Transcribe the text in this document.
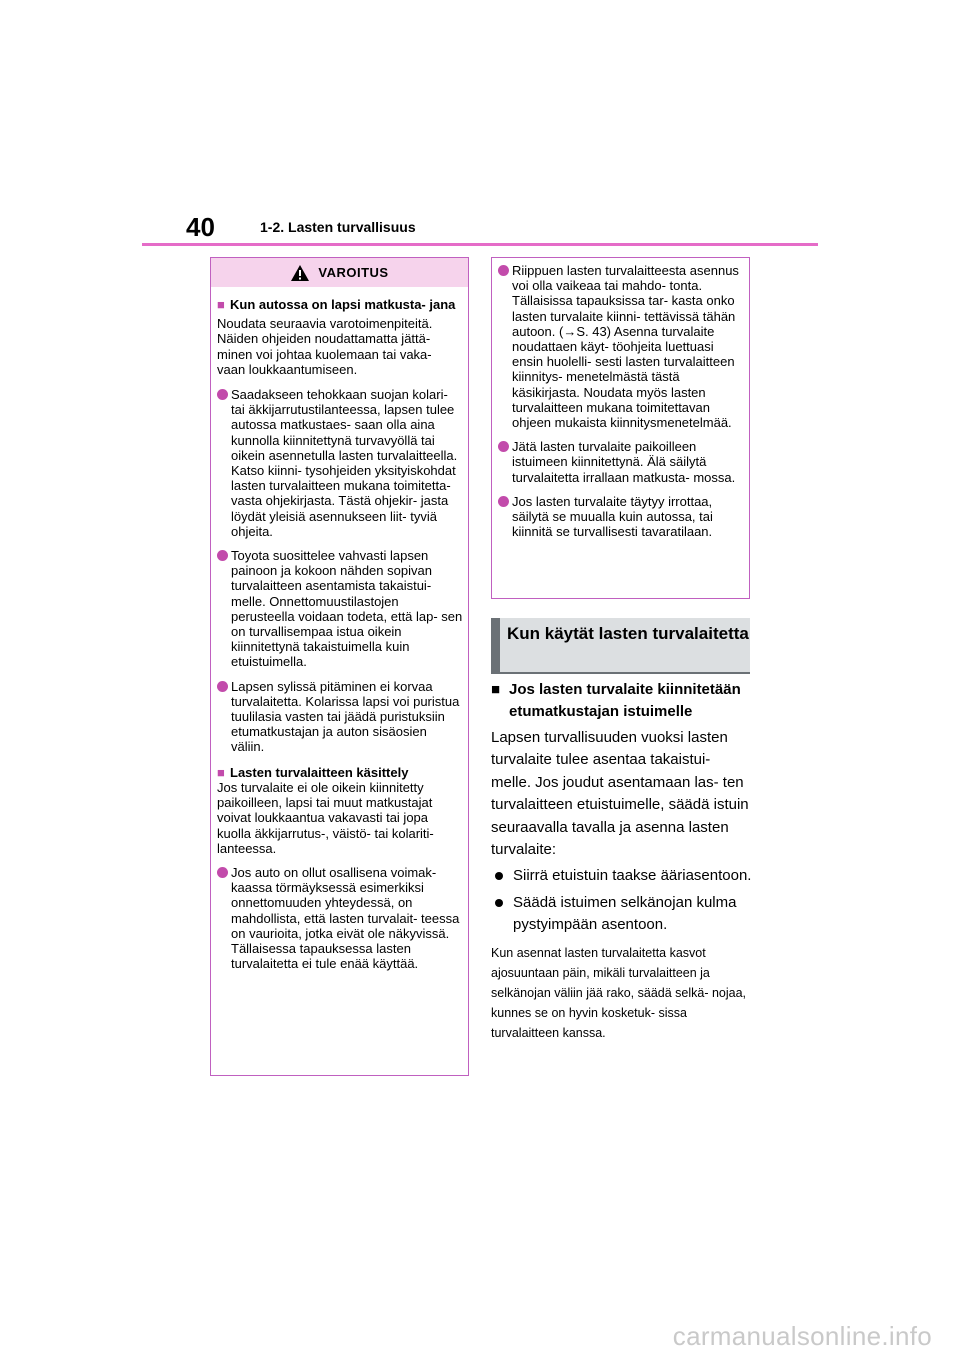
40	1-2. Lasten turvallisuus
VAROITUS
■ Kun autossa on lapsi matkusta- jana
Noudata seuraavia varotoimenpiteitä. Näiden ohjeiden noudattamatta jättä- minen voi johtaa kuolemaan tai vaka- vaan loukkaantumiseen.
Saadakseen tehokkaan suojan kolari- tai äkkijarrutustilanteessa, lapsen tulee autossa matkustaes- saan olla aina kunnolla kiinnitettynä turvavyöllä tai oikein asennetulla lasten turvalaitteella. Katso kiinni- tysohjeiden yksityiskohdat lasten turvalaitteen mukana toimitetta- vasta ohjekirjasta. Tästä ohjekir- jasta löydät yleisiä asennukseen liit- tyviä ohjeita.
Toyota suosittelee vahvasti lapsen painoon ja kokoon nähden sopivan turvalaitteen asentamista takaistui- melle. Onnettomuustilastojen perusteella voidaan todeta, että lap- sen on turvallisempaa istua oikein kiinnitettynä takaistuimella kuin etuistuimella.
Lapsen sylissä pitäminen ei korvaa turvalaitetta. Kolarissa lapsi voi puristua tuulilasia vasten tai jäädä puristuksiin etumatkustajan ja auton sisäosien väliin.
■ Lasten turvalaitteen käsittely
Jos turvalaite ei ole oikein kiinnitetty paikoilleen, lapsi tai muut matkustajat voivat loukkaantua vakavasti tai jopa kuolla äkkijarrutus-, väistö- tai kolariti- lanteessa.
Jos auto on ollut osallisena voimak- kaassa törmäyksessä esimerkiksi onnettomuuden yhteydessä, on mahdollista, että lasten turvalait- teessa on vaurioita, jotka eivät ole näkyvissä. Tällaisessa tapauksessa lasten turvalaitetta ei tule enää käyttää.
Riippuen lasten turvalaitteesta asennus voi olla vaikeaa tai mahdo- tonta. Tällaisissa tapauksissa tar- kasta onko lasten turvalaite kiinni- tettävissä tähän autoon. (→S. 43) Asenna turvalaite noudattaen käyt- töohjeita luettuasi ensin huolelli- sesti lasten turvalaitteen kiinnitys- menetelmästä tästä käsikirjasta. Noudata myös lasten turvalaitteen mukana toimitettavan ohjeen mukaista kiinnitysmenetelmää.
Jätä lasten turvalaite paikoilleen istuimeen kiinnitettynä. Älä säilytä turvalaitetta irrallaan matkusta- mossa.
Jos lasten turvalaite täytyy irrottaa, säilytä se muualla kuin autossa, tai kiinnitä se turvallisesti tavaratilaan.
Kun käytät lasten turvalaitetta
■ Jos lasten turvalaite kiinnitetään etumatkustajan istuimelle
Lapsen turvallisuuden vuoksi lasten turvalaite tulee asentaa takaistui- melle. Jos joudut asentamaan las- ten turvalaitteen etuistuimelle, säädä istuin seuraavalla tavalla ja asenna lasten turvalaite:
Siirrä etuistuin taakse ääriasentoon.
Säädä istuimen selkänojan kulma pystyimpään asentoon.
Kun asennat lasten turvalaitetta kasvot ajosuuntaan päin, mikäli turvalaitteen ja selkänojan väliin jää rako, säädä selkä- nojaa, kunnes se on hyvin kosketuk- sissa turvalaitteen kanssa.
carmanualsonline.info
